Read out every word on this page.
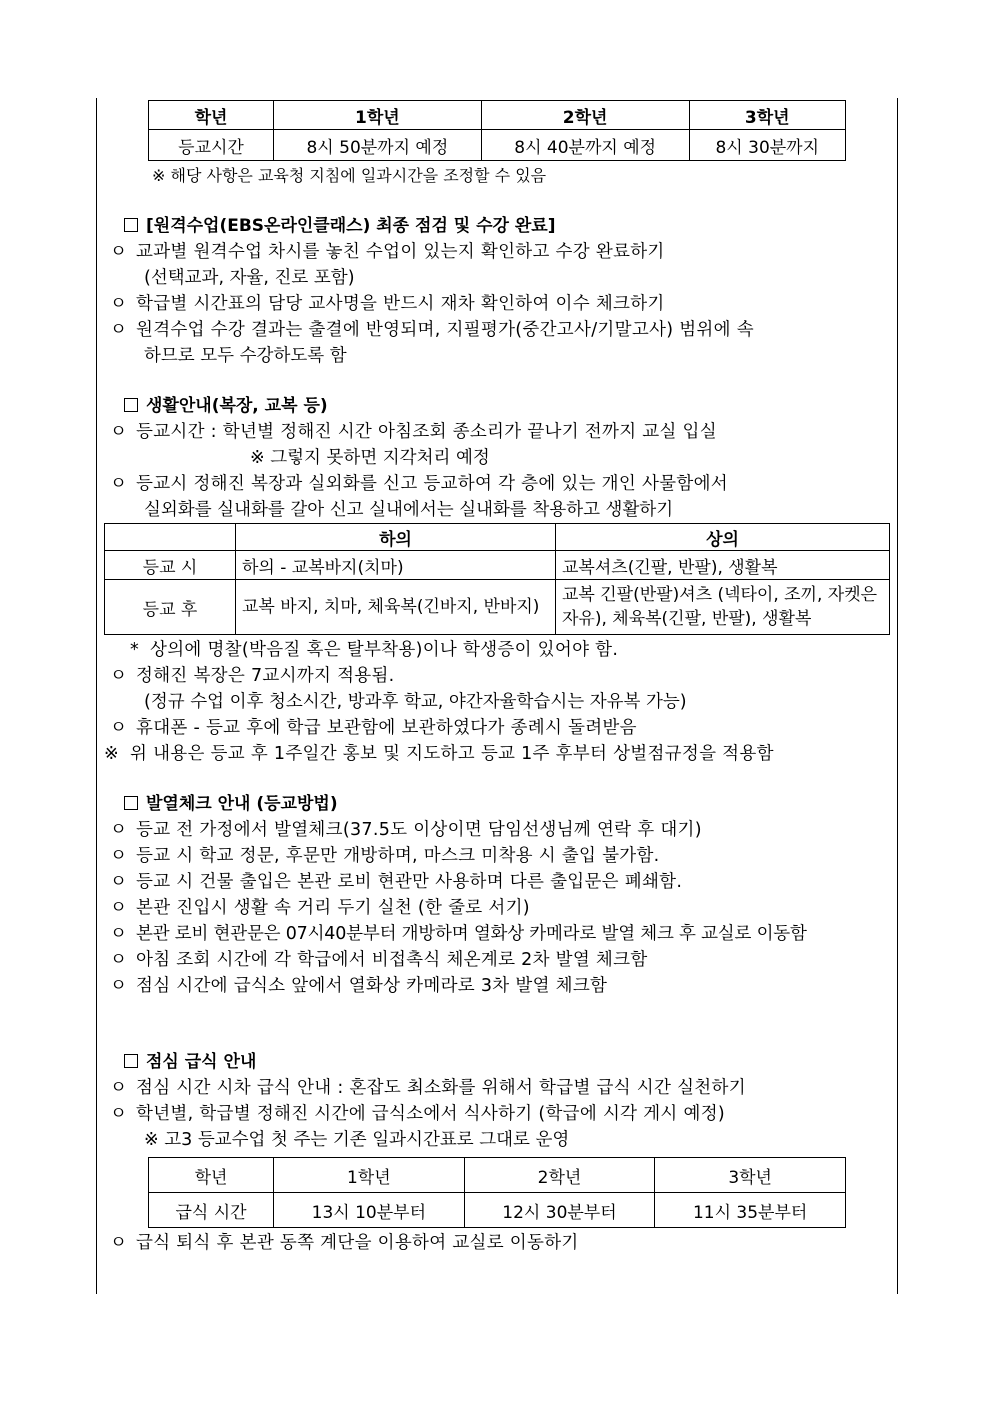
학년	1학년	2학년	3학년
등교시간	8시 50분까지 예정	8시 40분까지 예정	8시 30분까지
※ 해당 사항은 교육청 지침에 일과시간을 조정할 수 있음
[원격수업(EBS온라인클래스) 최종 점검 및 수강 완료]
ㅇ 교과별 원격수업 차시를 놓친 수업이 있는지 확인하고 수강 완료하기
(선택교과, 자율, 진로 포함)
ㅇ 학급별 시간표의 담당 교사명을 반드시 재차 확인하여 이수 체크하기
ㅇ 원격수업 수강 결과는 출결에 반영되며, 지필평가(중간고사/기말고사) 범위에 속
하므로 모두 수강하도록 함
생활안내(복장, 교복 등)
ㅇ 등교시간 : 학년별 정해진 시간 아침조회 종소리가 끝나기 전까지 교실 입실
※ 그렇지 못하면 지각처리 예정
ㅇ 등교시 정해진 복장과 실외화를 신고 등교하여 각 층에 있는 개인 사물함에서
실외화를 실내화를 갈아 신고 실내에서는 실내화를 착용하고 생활하기
	하의	상의
등교 시	하의 - 교복바지(치마)	교복셔츠(긴팔, 반팔), 생활복
등교 후	교복 바지, 치마, 체육복(긴바지, 반바지)	교복 긴팔(반팔)셔츠 (넥타이, 조끼, 자켓은 자유), 체육복(긴팔, 반팔), 생활복
* 상의에 명찰(박음질 혹은 탈부착용)이나 학생증이 있어야 함.
ㅇ 정해진 복장은 7교시까지 적용됨.
(정규 수업 이후 청소시간, 방과후 학교, 야간자율학습시는 자유복 가능)
ㅇ 휴대폰 - 등교 후에 학급 보관함에 보관하였다가 종례시 돌려받음
※ 위 내용은 등교 후 1주일간 홍보 및 지도하고 등교 1주 후부터 상벌점규정을 적용함
발열체크 안내 (등교방법)
ㅇ 등교 전 가정에서 발열체크(37.5도 이상이면 담임선생님께 연락 후 대기)
ㅇ 등교 시 학교 정문, 후문만 개방하며, 마스크 미착용 시 출입 불가함.
ㅇ 등교 시 건물 출입은 본관 로비 현관만 사용하며 다른 출입문은 폐쇄함.
ㅇ 본관 진입시 생활 속 거리 두기 실천 (한 줄로 서기)
ㅇ 본관 로비 현관문은 07시40분부터 개방하며 열화상 카메라로 발열 체크 후 교실로 이동함
ㅇ 아침 조회 시간에 각 학급에서 비접촉식 체온계로 2차 발열 체크함
ㅇ 점심 시간에 급식소 앞에서 열화상 카메라로 3차 발열 체크함
점심 급식 안내
ㅇ 점심 시간 시차 급식 안내 : 혼잡도 최소화를 위해서 학급별 급식 시간 실천하기
ㅇ 학년별, 학급별 정해진 시간에 급식소에서 식사하기 (학급에 시각 게시 예정)
※ 고3 등교수업 첫 주는 기존 일과시간표로 그대로 운영
학년	1학년	2학년	3학년
급식 시간	13시 10분부터	12시 30분부터	11시 35분부터
ㅇ 급식 퇴식 후 본관 동쪽 계단을 이용하여 교실로 이동하기
